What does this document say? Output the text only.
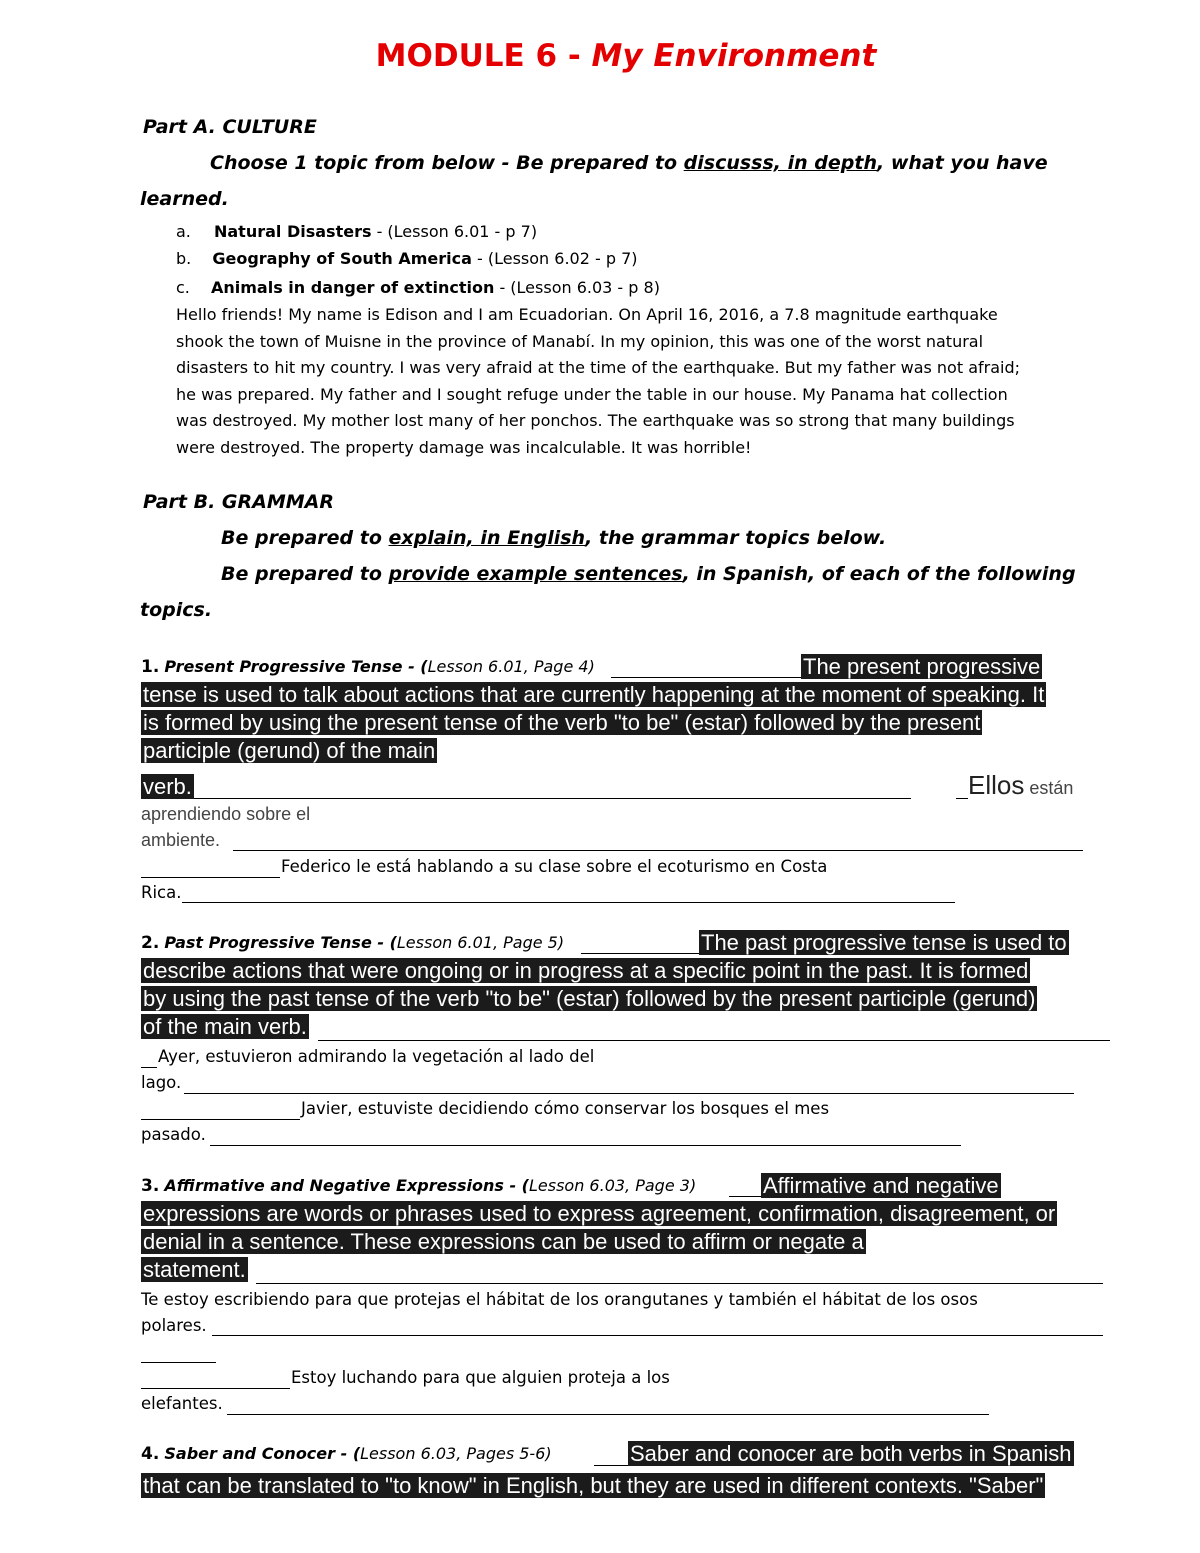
MODULE 6 - My Environment
Part A. CULTURE
Choose 1 topic from below - Be prepared to discusss, in depth, what you have
learned.
a. Natural Disasters - (Lesson 6.01 - p 7)
b. Geography of South America - (Lesson 6.02 - p 7)
c. Animals in danger of extinction - (Lesson 6.03 - p 8)
Hello friends! My name is Edison and I am Ecuadorian. On April 16, 2016, a 7.8 magnitude earthquake
shook the town of Muisne in the province of Manabí. In my opinion, this was one of the worst natural
disasters to hit my country. I was very afraid at the time of the earthquake. But my father was not afraid;
he was prepared. My father and I sought refuge under the table in our house. My Panama hat collection
was destroyed. My mother lost many of her ponchos. The earthquake was so strong that many buildings
were destroyed. The property damage was incalculable. It was horrible!
Part B. GRAMMAR
Be prepared to explain, in English, the grammar topics below.
Be prepared to provide example sentences, in Spanish, of each of the following
topics.
1. Present Progressive Tense - (Lesson 6.01, Page 4)	The present progressive
tense is used to talk about actions that are currently happening at the moment of speaking. It
is formed by using the present tense of the verb "to be" (estar) followed by the present
participle (gerund) of the main
verb.	Ellos están
aprendiendo sobre el
ambiente.
Federico le está hablando a su clase sobre el ecoturismo en Costa
Rica.
2. Past Progressive Tense - (Lesson 6.01, Page 5)	The past progressive tense is used to
describe actions that were ongoing or in progress at a specific point in the past. It is formed
by using the past tense of the verb "to be" (estar) followed by the present participle (gerund)
of the main verb.
Ayer, estuvieron admirando la vegetación al lado del
lago.
Javier, estuviste decidiendo cómo conservar los bosques el mes
pasado.
3. Affirmative and Negative Expressions - (Lesson 6.03, Page 3)	Affirmative and negative
expressions are words or phrases used to express agreement, confirmation, disagreement, or
denial in a sentence. These expressions can be used to affirm or negate a
statement.
Te estoy escribiendo para que protejas el hábitat de los orangutanes y también el hábitat de los osos
polares.
Estoy luchando para que alguien proteja a los
elefantes.
4. Saber and Conocer - (Lesson 6.03, Pages 5-6)	Saber and conocer are both verbs in Spanish
that can be translated to "to know" in English, but they are used in different contexts. "Saber"
